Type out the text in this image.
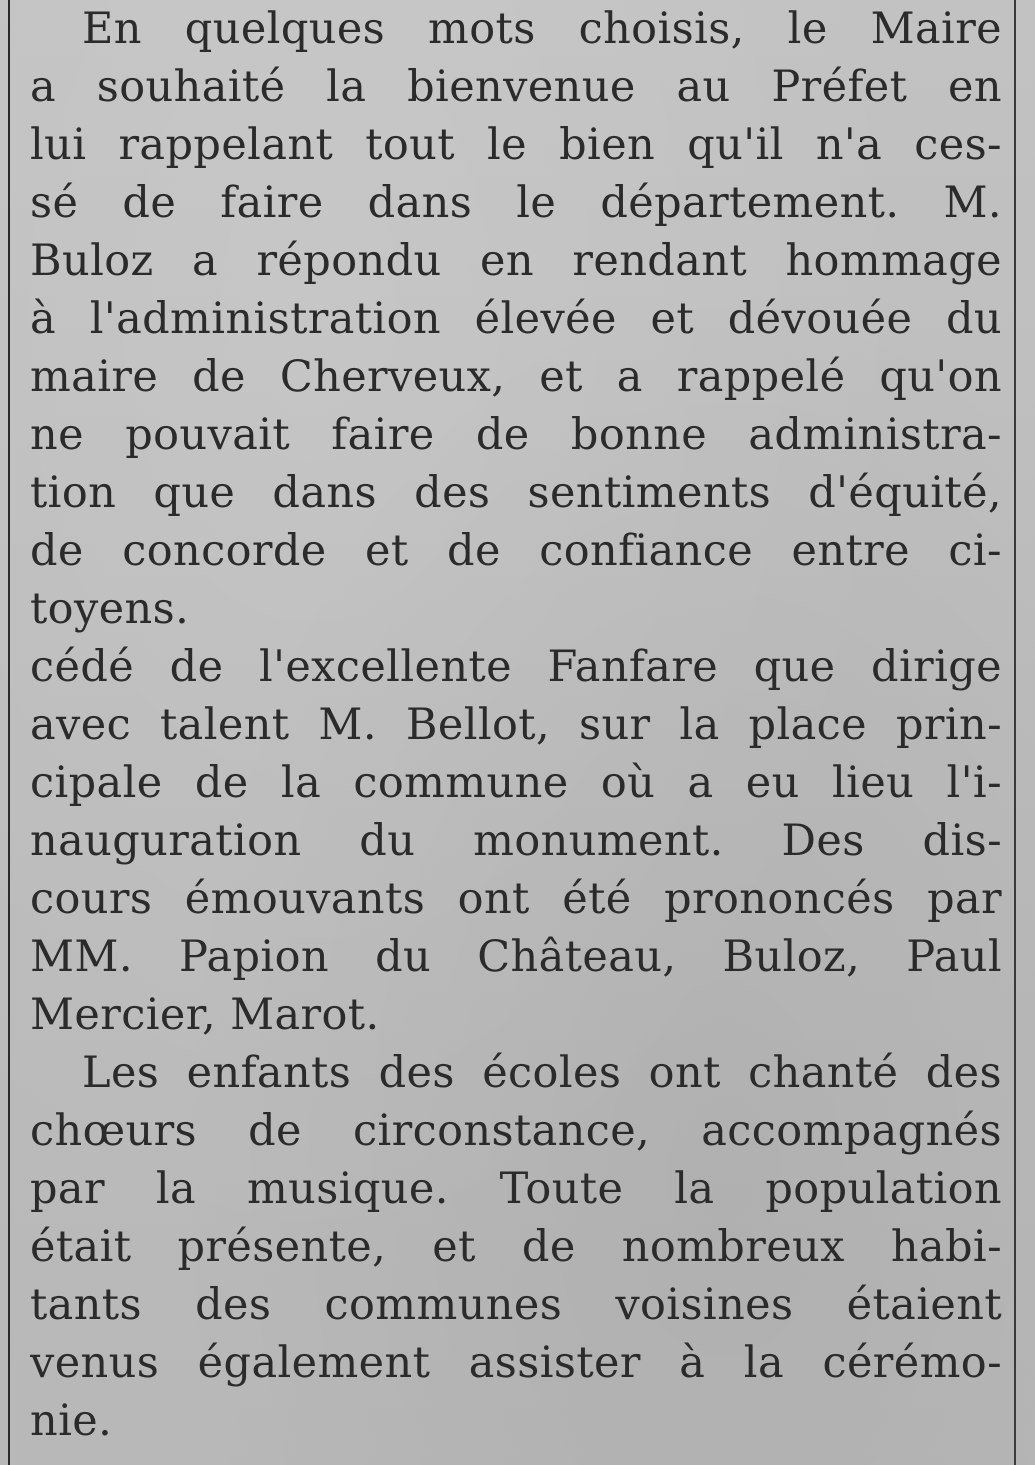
En quelques mots choisis, le Maire
a souhaité la bienvenue au Préfet en
lui rappelant tout le bien qu'il n'a ces-
sé de faire dans le département. M.
Buloz a répondu en rendant hommage
à l'administration élevée et dévouée du
maire de Cherveux, et a rappelé qu'on
ne pouvait faire de bonne administra-
tion que dans des sentiments d'équité,
de concorde et de confiance entre ci-
toyens.
cédé de l'excellente Fanfare que dirige
avec talent M. Bellot, sur la place prin-
cipale de la commune où a eu lieu l'i-
nauguration du monument. Des dis-
cours émouvants ont été prononcés par
MM. Papion du Château, Buloz, Paul
Mercier, Marot.
Les enfants des écoles ont chanté des
chœurs de circonstance, accompagnés
par la musique. Toute la population
était présente, et de nombreux habi-
tants des communes voisines étaient
venus également assister à la cérémo-
nie.
